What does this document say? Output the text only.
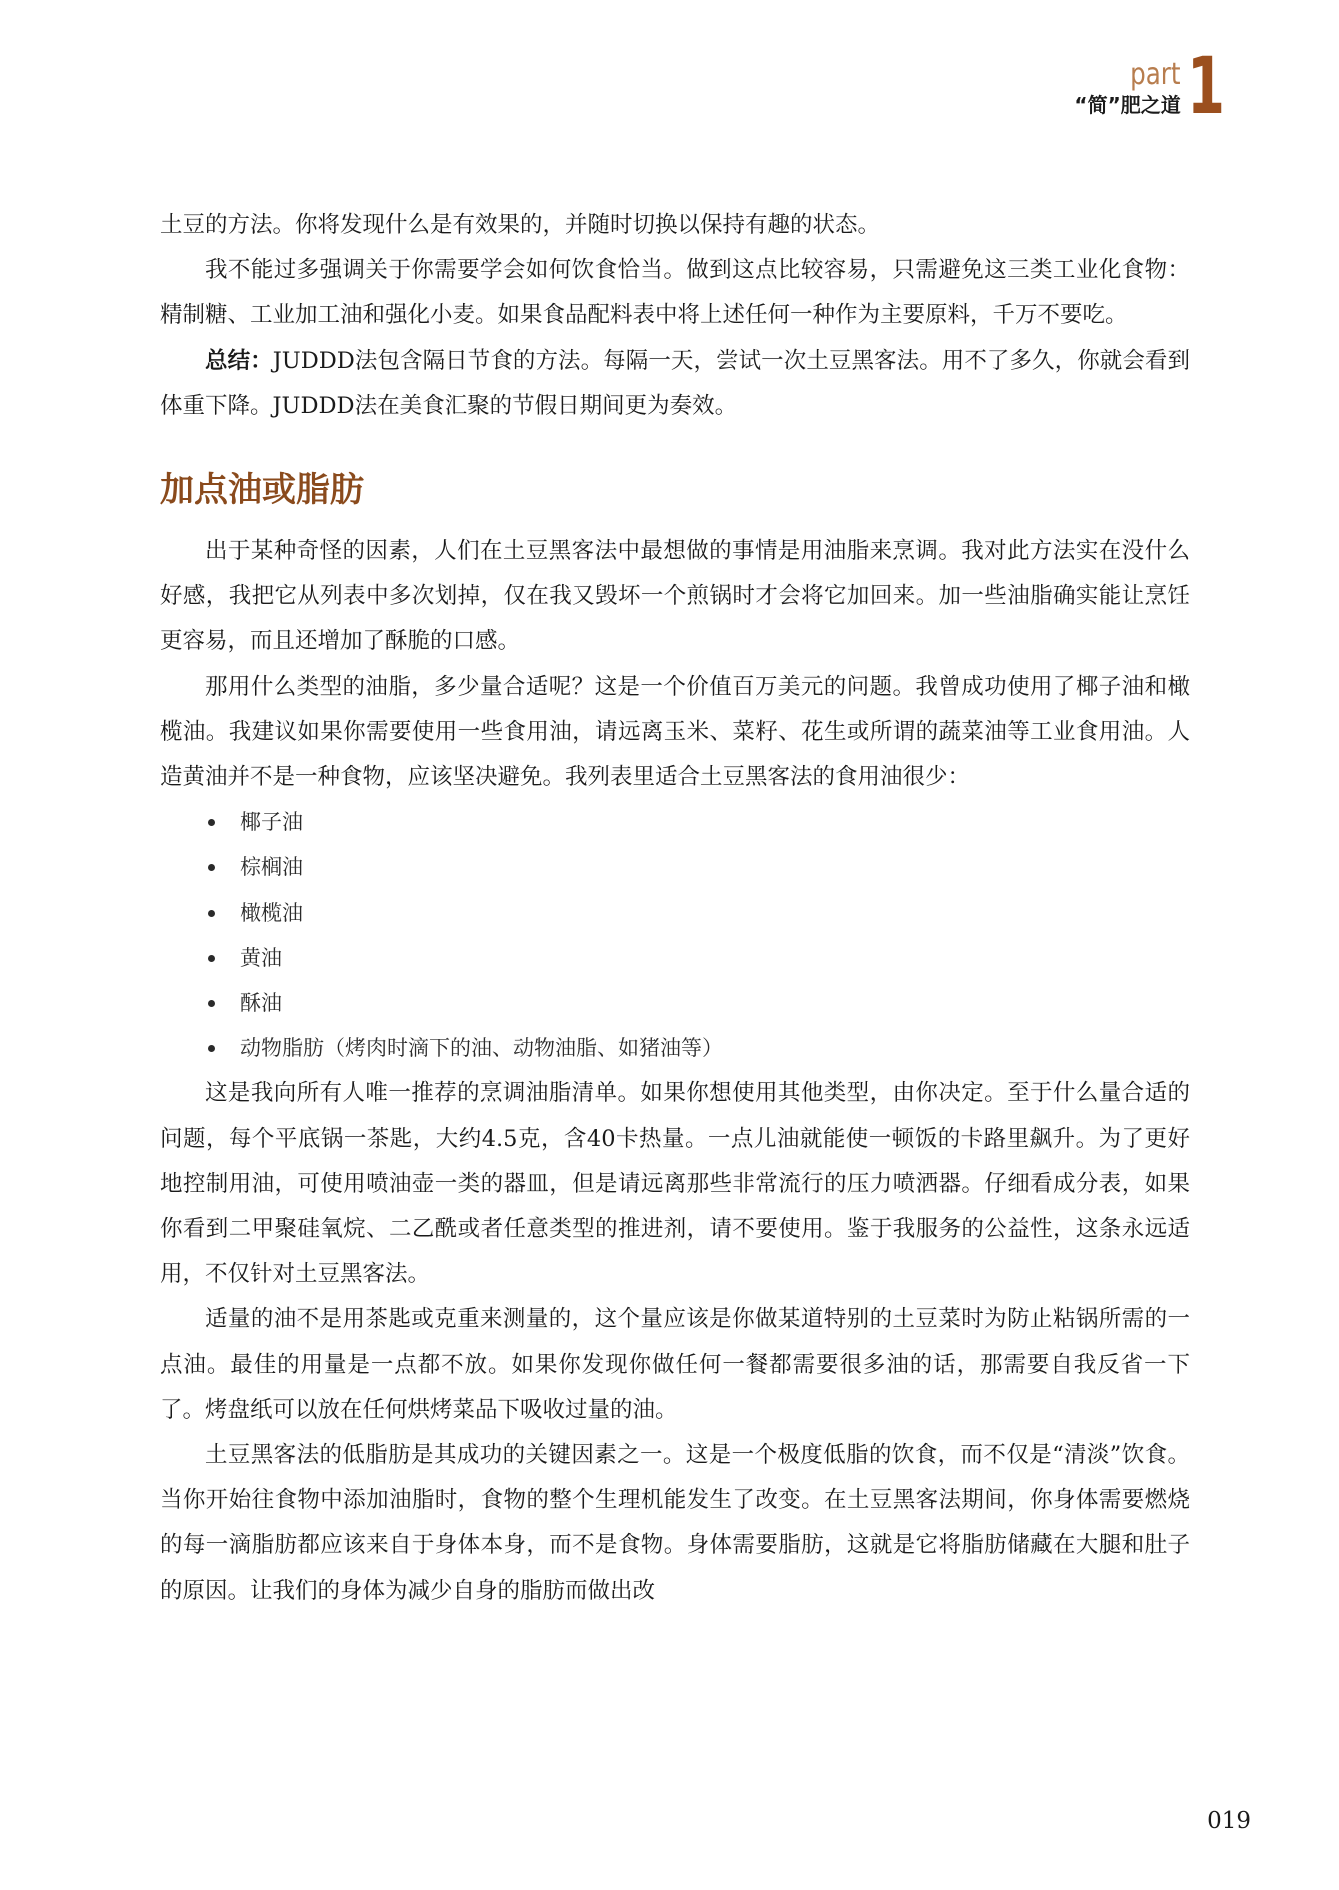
part
“简”肥之道 1

土豆的方法。你将发现什么是有效果的，并随时切换以保持有趣的状态。

我不能过多强调关于你需要学会如何饮食恰当。做到这点比较容易，只需避免这三类工业化食物：精制糖、工业加工油和强化小麦。如果食品配料表中将上述任何一种作为主要原料，千万不要吃。

总结：JUDDD法包含隔日节食的方法。每隔一天，尝试一次土豆黑客法。用不了多久，你就会看到体重下降。JUDDD法在美食汇聚的节假日期间更为奏效。

加点油或脂肪

出于某种奇怪的因素，人们在土豆黑客法中最想做的事情是用油脂来烹调。我对此方法实在没什么好感，我把它从列表中多次划掉，仅在我又毁坏一个煎锅时才会将它加回来。加一些油脂确实能让烹饪更容易，而且还增加了酥脆的口感。

那用什么类型的油脂，多少量合适呢？这是一个价值百万美元的问题。我曾成功使用了椰子油和橄榄油。我建议如果你需要使用一些食用油，请远离玉米、菜籽、花生或所谓的蔬菜油等工业食用油。人造黄油并不是一种食物，应该坚决避免。我列表里适合土豆黑客法的食用油很少：

椰子油
棕榈油
橄榄油
黄油
酥油
动物脂肪（烤肉时滴下的油、动物油脂、如猪油等）

这是我向所有人唯一推荐的烹调油脂清单。如果你想使用其他类型，由你决定。至于什么量合适的问题，每个平底锅一茶匙，大约4.5克，含40卡热量。一点儿油就能使一顿饭的卡路里飙升。为了更好地控制用油，可使用喷油壶一类的器皿，但是请远离那些非常流行的压力喷洒器。仔细看成分表，如果你看到二甲聚硅氧烷、二乙酰或者任意类型的推进剂，请不要使用。鉴于我服务的公益性，这条永远适用，不仅针对土豆黑客法。

适量的油不是用茶匙或克重来测量的，这个量应该是你做某道特别的土豆菜时为防止粘锅所需的一点油。最佳的用量是一点都不放。如果你发现你做任何一餐都需要很多油的话，那需要自我反省一下了。烤盘纸可以放在任何烘烤菜品下吸收过量的油。

土豆黑客法的低脂肪是其成功的关键因素之一。这是一个极度低脂的饮食，而不仅是“清淡”饮食。当你开始往食物中添加油脂时，食物的整个生理机能发生了改变。在土豆黑客法期间，你身体需要燃烧的每一滴脂肪都应该来自于身体本身，而不是食物。身体需要脂肪，这就是它将脂肪储藏在大腿和肚子的原因。让我们的身体为减少自身的脂肪而做出改

019
